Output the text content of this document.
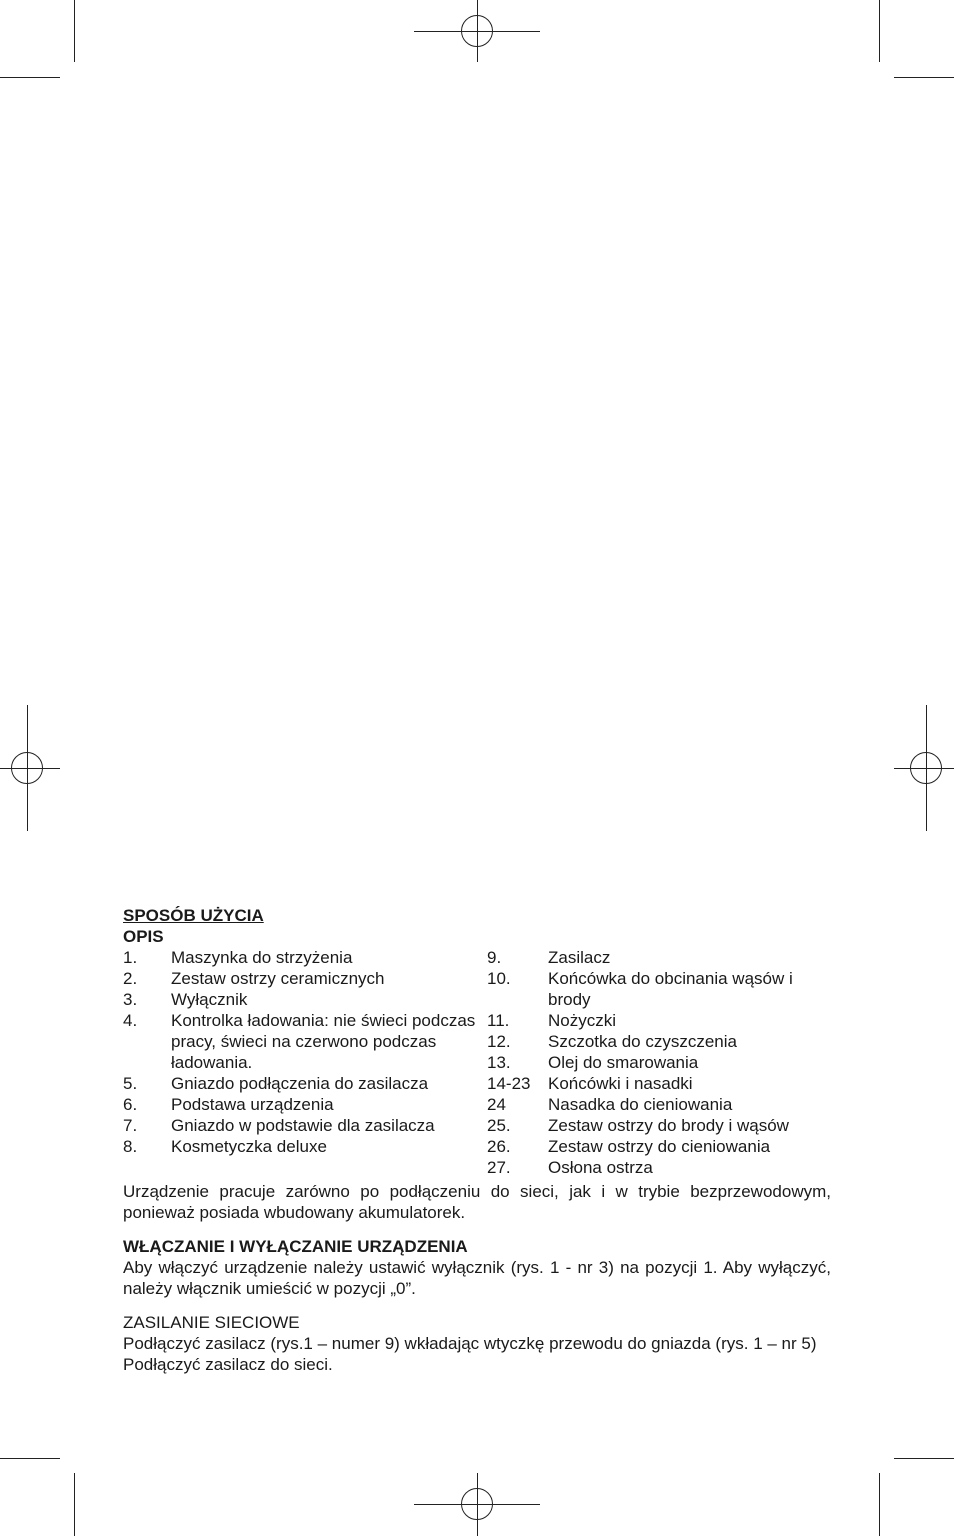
SPOSÓB UŻYCIA
OPIS
1.	Maszynka do strzyżenia
2.	Zestaw ostrzy ceramicznych
3.	Wyłącznik
4.	Kontrolka ładowania: nie świeci podczas pracy, świeci na czerwono podczas ładowania.
5.	Gniazdo podłączenia do zasilacza
6.	Podstawa urządzenia
7.	Gniazdo w podstawie dla zasilacza
8.	Kosmetyczka deluxe
9.	Zasilacz
10.	Końcówka do obcinania wąsów i brody
11.	Nożyczki
12.	Szczotka do czyszczenia
13.	Olej do smarowania
14-23	Końcówki i nasadki
24	Nasadka do cieniowania
25.	Zestaw ostrzy do brody i wąsów
26.	Zestaw ostrzy do cieniowania
27.	Osłona ostrza

Urządzenie pracuje zarówno po podłączeniu do sieci, jak i w trybie bezprzewodowym, ponieważ posiada wbudowany akumulatorek.

WŁĄCZANIE I WYŁĄCZANIE URZĄDZENIA

Aby włączyć urządzenie należy ustawić wyłącznik (rys. 1 - nr 3) na pozycji 1. Aby wyłączyć, należy włącznik umieścić w pozycji „0”.

ZASILANIE SIECIOWE

Podłączyć zasilacz (rys.1 – numer 9) wkładając wtyczkę przewodu do gniazda (rys. 1 – nr 5)

Podłączyć zasilacz do sieci.
